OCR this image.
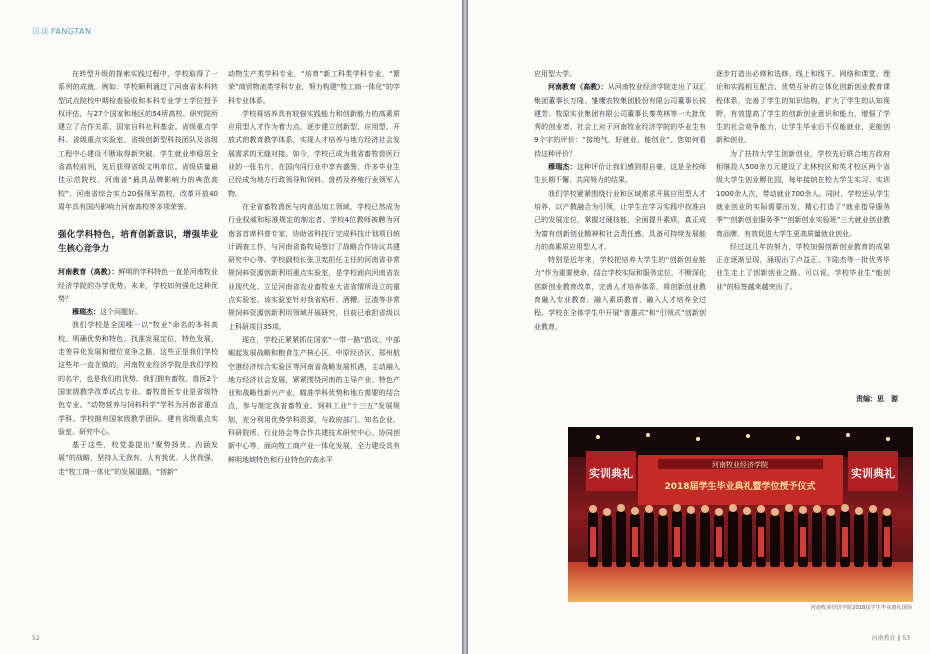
访谈 FANGTAN

在转型升级的探索实践过程中，学校取得了一系列的成就。例如：学校顺利通过了河南省本科转型试点院校中期检查验收和本科专业学士学位授予权评估，与27个国家和地区的54所高校、研究院所建立了合作关系，国家自科社科基金、省级重点学科、省级重点实验室、省级创新型科技团队及省级工程中心建设不断取得新突破，学生就业率稳居全省高校前列，先后获得省级文明单位、省级质量最佳示范院校、河南省“最具品牌影响力的典范高校”、河南省综合实力20强领军高校，改革开放40周年具有国内影响力河南高校等多项荣誉。

强化学科特色，培育创新意识，增强毕业生核心竞争力

河南教育（高教）：鲜明的学科特色一直是河南牧业经济学院的办学优势。未来，学校如何强化这种优势？

穆瑞杰：这个问题好。

我们学校是全国唯一以“牧业”命名的本科高校。明确优势和特色，找准发展定位，特色发展，走差异化发展和错位竞争之路，这些正是我们学校这些年一直在做的。河南牧业经济学院是我们学校的名字，也是我们的优势。我们拥有畜牧、兽医2个国家级教学改革试点专业。畜牧兽医专业是省级特色专业。“动物营养与饲料科学”学科为河南省重点学科。学校拥有国家级教学团队、建有省级重点实验室、研究中心。

基于这些，校党委提出“聚势扬优、内涵发展”的战略，坚持人无我有、人有我优、人优我强，走“牧工商一体化”的发展道路，“创新”

动物生产类学科专业，“培育”新工科类学科专业，“繁荣”商贸物流类学科专业，努力构建“牧工商一体化”的学科专业体系。

学校将培养具有较强实践能力和创新能力的高素质应用型人才作为着力点，逐步建立创新型、应用型、开放式的教育教学体系，实现人才培养与地方经济社会发展需求的无缝对接。如今，学校已成为我省畜牧兽医行业的一张名片，在国内同行业中享有盛誉，许多毕业生已经成为地方行政领导和饲料、兽药及养殖行业领军人物。

在全省畜牧兽医与肉食品加工领域，学校已然成为行业权威和标准规定的制定者。学校4位教师被聘为河南省首席科普专家，协助省科技厅完成科技计划项目统计调查工作，与河南省畜牧局签订了战略合作协议共建研究中心等。学校副校长张卫宪担任主任的河南省非常规饲料资源创新利用重点实验室，是学校面向河南省农业现代化、立足河南省农业畜牧业大省省情所设立的重点实验室。该实验室针对我省秸秆、酒糟、豆渣等非常规饲料资源创新利用领域开展研究，目前已承担省级以上科研项目35项。

现在，学校正紧紧抓住国家“一带一路”倡议、中部崛起发展战略和粮食生产核心区、中原经济区、郑州航空港经济综合实验区等河南省战略发展机遇，主动融入地方经济社会发展，紧紧围绕河南的主导产业、特色产业和战略性新兴产业，瞄准学科优势和地方需要的结合点，参与制定我省畜牧业、饲料工业“十三五”发展规划，充分利用优势学科资源，与政府部门、知名企业、科研院所、行业协会等合作共建技术研究中心、协同创新中心等，面向牧工商产业一体化发展，全力建设具有鲜明地域特色和行业特色的高水平

52

应用型大学。

河南教育（高教）：从河南牧业经济学院走出了双汇集团董事长万隆、雏鹰农牧集团股份有限公司董事长侯建芳、牧原实业集团有限公司董事长秦英林等一大批优秀的创业者。社会上对于河南牧业经济学院的毕业生有9个字的评价：“接地气、好就业、能创业”。您如何看待这种评价？

穆瑞杰：这种评价让我们感到很自豪，这是全校师生长期不懈、共同努力的结果。

我们学校紧紧围绕行业和区域需求开展应用型人才培养，以产教融合为引领，让学生在学习实践中找准自己的发展定位，掌握过硬技能，全面提升素质，真正成为富有创新创业精神和社会责任感、具备可持续发展能力的高素质应用型人才。

特别是近年来，学校把培养大学生的“创新创业能力”作为重要使命，结合学校实际和服务定位，不断深化创新创业教育改革，完善人才培养体系，将创新创业教育融入专业教育、融入素质教育、融入人才培养全过程。学校在全体学生中开展“普惠式”和“引领式”创新创业教育，

逐步打造出必修和选修、线上和线下、网络和课堂、理论和实践相互配合、优势互补的立体化创新创业教育课程体系，完善了学生的知识结构，扩大了学生的认知视野，有效提高了学生的创新创业意识和能力，增强了学生的社会竞争能力，让学生毕业后不仅能就业，更能创新和创业。

为了扶持大学生创新创业，学校先后联合地方政府相继投入500余万元建设了北林校区和英才校区两个省级大学生创业孵化园，每年接纳在校大学生实习、实训1000余人次，带动就业700余人。同时，学校还从学生就业创业的实际需要出发，精心打造了“就业指导服务季”“创新创业服务季”“创新创业实验班”三大就业创业教育品牌，有效促进大学生更高质量就业创业。

经过这几年的努力，学校加强创新创业教育的成果正在逐渐呈现，涌现出了卢益正、卞陆杰等一批优秀毕业生走上了创新创业之路。可以说，学校毕业生“能创业”的标签越来越突出了。

责编：思　源
实训典礼	实训典礼
河南牧业经济学院
2018届学生毕业典礼暨学位授予仪式
河南牧业经济学院2018届学生毕业典礼现场
河南教育 ‖ 53
